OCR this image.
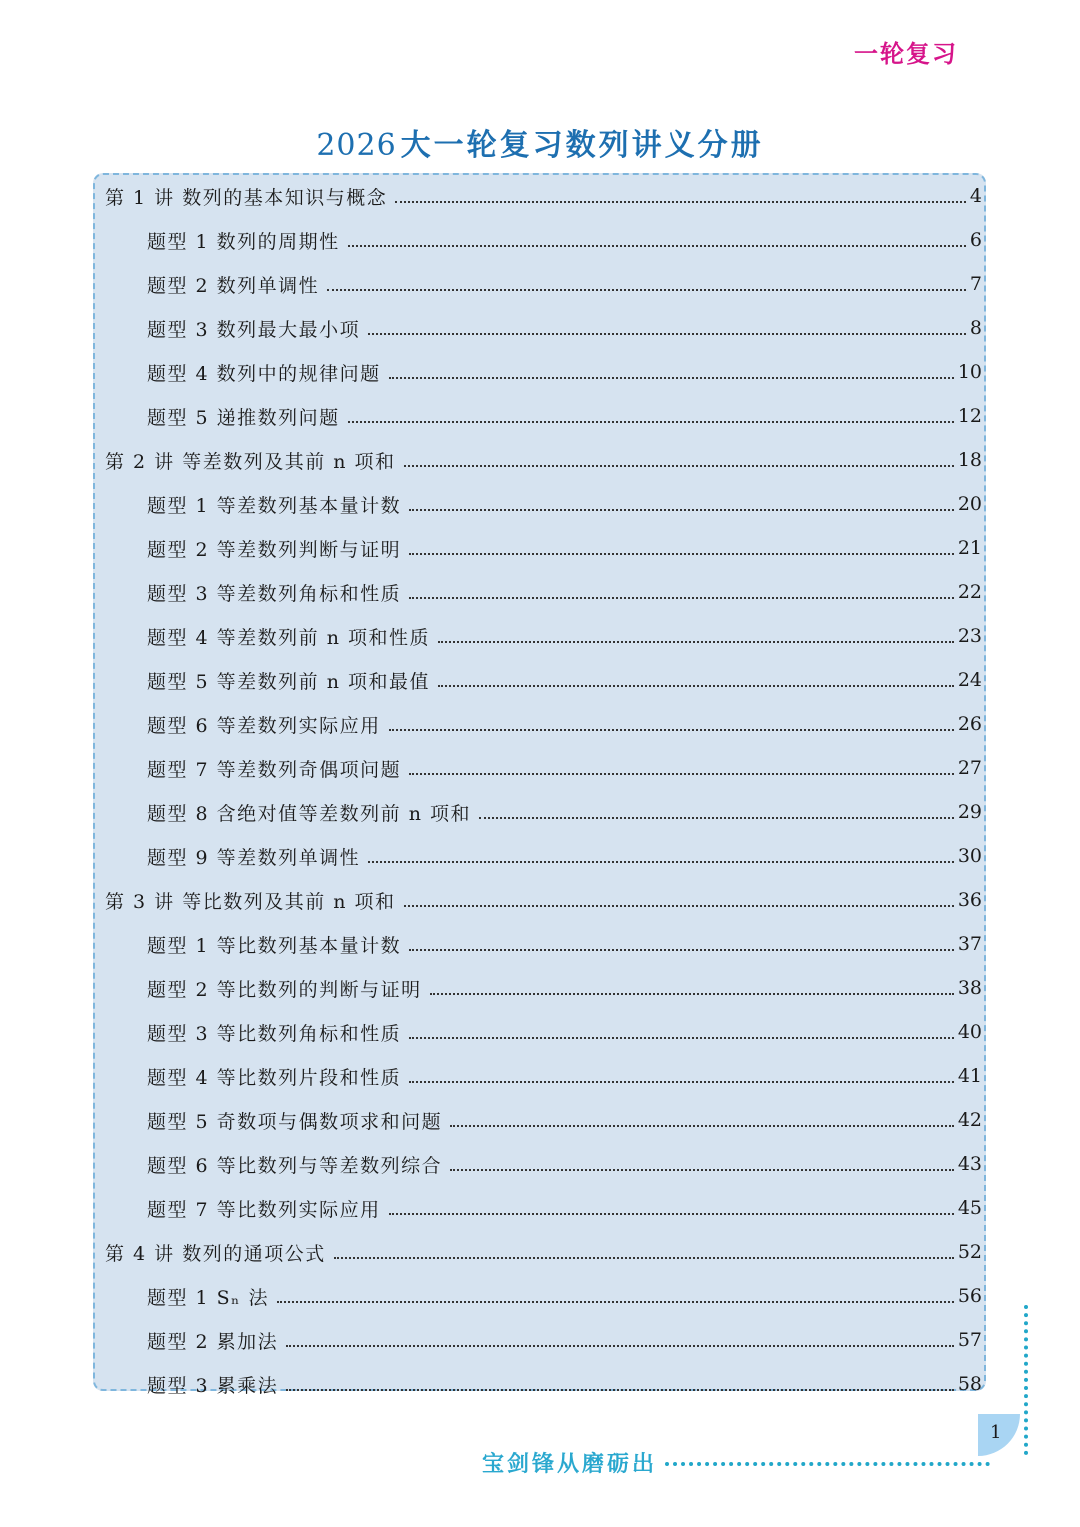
一轮复习
2026 大一轮复习数列讲义分册
第 1 讲 数列的基本知识与概念	4
题型 1 数列的周期性	6
题型 2 数列单调性	7
题型 3 数列最大最小项	8
题型 4 数列中的规律问题	10
题型 5 递推数列问题	12
第 2 讲 等差数列及其前 n 项和	18
题型 1 等差数列基本量计数	20
题型 2 等差数列判断与证明	21
题型 3 等差数列角标和性质	22
题型 4 等差数列前 n 项和性质	23
题型 5 等差数列前 n 项和最值	24
题型 6 等差数列实际应用	26
题型 7 等差数列奇偶项问题	27
题型 8 含绝对值等差数列前 n 项和	29
题型 9 等差数列单调性	30
第 3 讲 等比数列及其前 n 项和	36
题型 1 等比数列基本量计数	37
题型 2 等比数列的判断与证明	38
题型 3 等比数列角标和性质	40
题型 4 等比数列片段和性质	41
题型 5 奇数项与偶数项求和问题	42
题型 6 等比数列与等差数列综合	43
题型 7 等比数列实际应用	45
第 4 讲 数列的通项公式	52
题型 1 Sₙ 法	56
题型 2 累加法	57
题型 3 累乘法	58
1
宝剑锋从磨砺出
